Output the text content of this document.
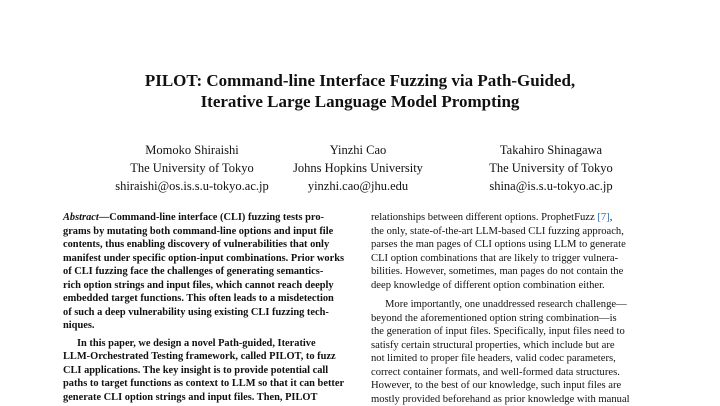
PILOT: Command-line Interface Fuzzing via Path-Guided,
Iterative Large Language Model Prompting
Momoko Shiraishi
The University of Tokyo
shiraishi@os.is.s.u-tokyo.ac.jp
Yinzhi Cao
Johns Hopkins University
yinzhi.cao@jhu.edu
Takahiro Shinagawa
The University of Tokyo
shina@is.s.u-tokyo.ac.jp
Abstract—Command-line interface (CLI) fuzzing tests pro-
grams by mutating both command-line options and input file
contents, thus enabling discovery of vulnerabilities that only
manifest under specific option-input combinations. Prior works
of CLI fuzzing face the challenges of generating semantics-
rich option strings and input files, which cannot reach deeply
embedded target functions. This often leads to a misdetection
of such a deep vulnerability using existing CLI fuzzing tech-
niques.
In this paper, we design a novel Path-guided, Iterative
LLM-Orchestrated Testing framework, called PILOT, to fuzz
CLI applications. The key insight is to provide potential call
paths to target functions as context to LLM so that it can better
generate CLI option strings and input files. Then, PILOT
relationships between different options. ProphetFuzz [7],
the only, state-of-the-art LLM-based CLI fuzzing approach,
parses the man pages of CLI options using LLM to generate
CLI option combinations that are likely to trigger vulnera-
bilities. However, sometimes, man pages do not contain the
deep knowledge of different option combination either.
More importantly, one unaddressed research challenge—
beyond the aforementioned option string combination—is
the generation of input files. Specifically, input files need to
satisfy certain structural properties, which include but are
not limited to proper file headers, valid codec parameters,
correct container formats, and well-formed data structures.
However, to the best of our knowledge, such input files are
mostly provided beforehand as prior knowledge with manual
